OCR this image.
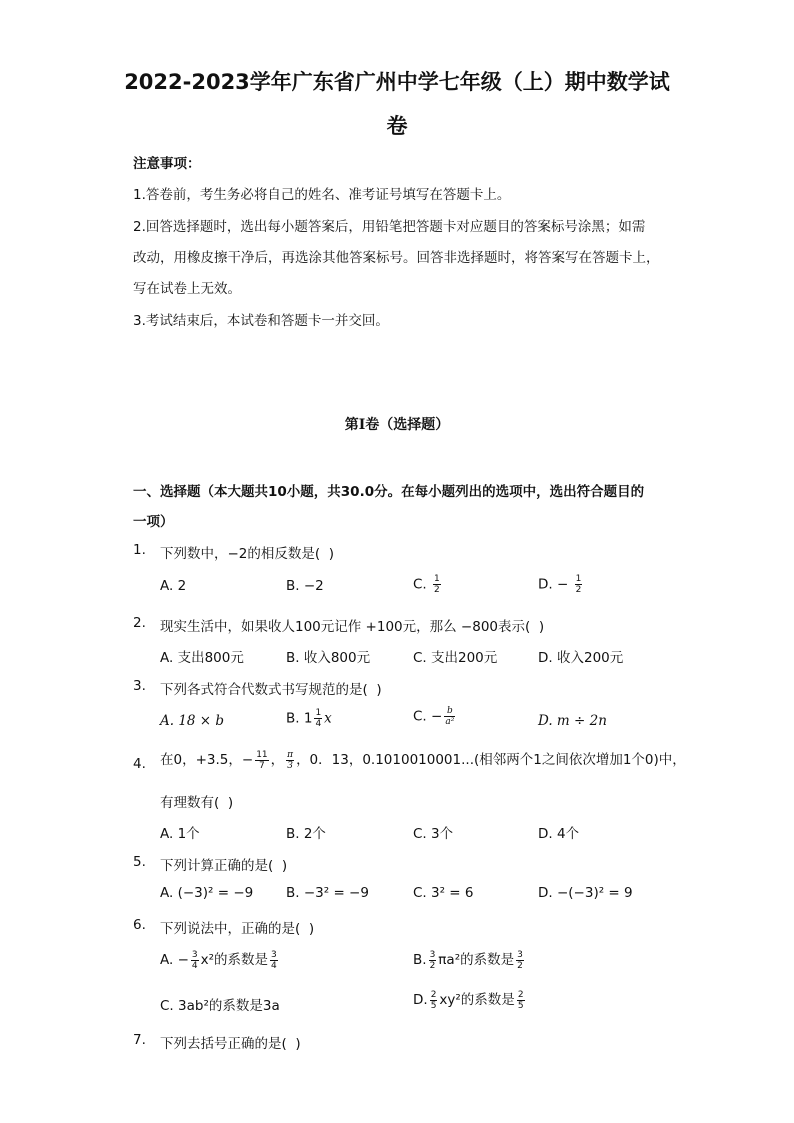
2022-2023学年广东省广州中学七年级（上）期中数学试
卷
注意事项：
1.答卷前，考生务必将自己的姓名、准考证号填写在答题卡上。
2.回答选择题时，选出每小题答案后，用铅笔把答题卡对应题目的答案标号涂黑；如需
改动，用橡皮擦干净后，再选涂其他答案标号。回答非选择题时，将答案写在答题卡上，
写在试卷上无效。
3.考试结束后，本试卷和答题卡一并交回。
第I卷（选择题）
一、选择题（本大题共10小题，共30.0分。在每小题列出的选项中，选出符合题目的
一项）
1. 下列数中，−2的相反数是(  )
A. 2	B. −2	C. $\frac{1}{2}$	D. − $\frac{1}{2}$
2. 现实生活中，如果收人100元记作 +100元，那么 −800表示(  )
A. 支出800元	B. 收入800元	C. 支出200元	D. 收入200元
3. 下列各式符合代数式书写规范的是(  )
A. 18 × b	B. $1 \frac{1}{4}$ x	C. − $\frac{b}{\text{a²}}$	D. m ÷ 2n
4. 在0，+3.5，− $\frac{11}{7}$ ， $\frac{\pi}{3}$ ，0．13，0.1010010001...(相邻两个1之间依次增加1个0)中，
有理数有(  )
A. 1个	B. 2个	C. 3个	D. 4个
5. 下列计算正确的是(  )
A. (−3)² = −9 B. −3² = −9	C. 3² = 6	D. −(−3)² = 9
6. 下列说法中，正确的是(  )
A. − $\frac{3}{4} x^2$的系数是 $\frac{3}{4}$	B. $\frac{3}{2} \pi a^2$的系数是 $\frac{3}{2}$
C. 3ab²的系数是3a	D. $\frac{2}{5} xy^2$的系数是 $\frac{2}{5}$
7. 下列去括号正确的是(  )
